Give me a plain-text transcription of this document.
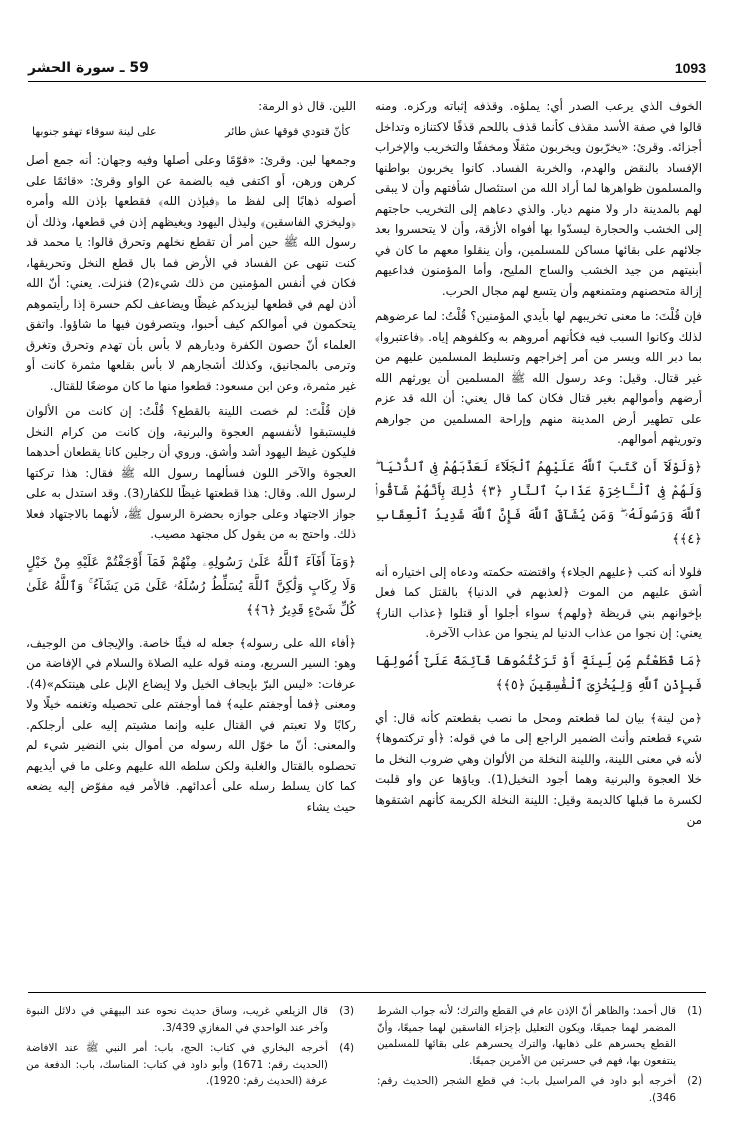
1093
59 ـ سورة الحشر

الخوف الذي يرعب الصدر أي: يملؤه. وقذفه إثباته وركزه. ومنه قالوا في صفة الأسد مقذف كأنما قذف باللحم قذفًا لاكتنازه وتداخل أجزائه. وقرئ: «يخرّبون ويخربون مثقلًا ومخففًا والتخريب والإخراب الإفساد بالنقض والهدم، والخربة الفساد. كانوا يخربون بواطنها والمسلمون ظواهرها لما أراد الله من استئصال شأفتهم وأن لا يبقى لهم بالمدينة دار ولا منهم ديار. والذي دعاهم إلى التخريب حاجتهم إلى الخشب والحجارة ليسدّوا بها أفواه الأزقة، وأن لا يتحسروا بعد جلائهم على بقائها مساكن للمسلمين، وأن ينقلوا معهم ما كان في أبنيتهم من جيد الخشب والساج المليح، وأما المؤمنون فداعيهم إزالة متحصنهم ومتمنعهم وأن يتسع لهم مجال الحرب.

فإن قُلْتَ: ما معنى تخريبهم لها بأيدي المؤمنين؟ قُلْتُ: لما عرضوهم لذلك وكانوا السبب فيه فكأنهم أمروهم به وكلفوهم إياه. ﴿فاعتبروا﴾ بما دبر الله ويسر من أمر إخراجهم وتسليط المسلمين عليهم من غير قتال. وقيل: وعد رسول الله ﷺ المسلمين أن يورثهم الله أرضهم وأموالهم بغير قتال فكان كما قال يعني: أن الله قد عزم على تطهير أرض المدينة منهم وإراحة المسلمين من جوارهم وتوريثهم أموالهم.

﴿وَلَوْلَآ أَن كَتَبَ ٱللَّهُ عَلَيْهِمُ ٱلْجَلَآءَ لَعَذَّبَهُمْ فِى ٱلدُّنْيَا ۖ وَلَهُمْ فِى ٱلْـَٔاخِرَةِ عَذَابُ ٱلنَّارِ ﴿٣﴾ ذَٰلِكَ بِأَنَّهُمْ شَآقُّوا۟ ٱللَّهَ وَرَسُولَهُۥ ۖ وَمَن يُشَآقِّ ٱللَّهَ فَإِنَّ ٱللَّهَ شَدِيدُ ٱلْعِقَابِ ﴿٤﴾﴾

فلولا أنه كتب ﴿عليهم الجلاء﴾ واقتضته حكمته ودعاه إلى اختياره أنه أشق عليهم من الموت ﴿لعذبهم في الدنيا﴾ بالقتل كما فعل بإخوانهم بني قريظة ﴿ولهم﴾ سواء أجلوا أو قتلوا ﴿عذاب النار﴾ يعني: إن نجوا من عذاب الدنيا لم ينجوا من عذاب الآخرة.

﴿مَا قَطَعْتُم مِّن لِّينَةٍ أَوْ تَرَكْتُمُوهَا قَآئِمَةً عَلَىٰٓ أُصُولِهَا فَبِإِذْنِ ٱللَّهِ وَلِيُخْزِىَ ٱلْفَٰسِقِينَ ﴿٥﴾﴾

﴿من لينة﴾ بيان لما قطعتم ومحل ما نصب بقطعتم كأنه قال: أي شيء قطعتم وأنث الضمير الراجع إلى ما في قوله: ﴿أو تركتموها﴾ لأنه في معنى اللينة، واللينة النخلة من الألوان وهي ضروب النخل ما خلا العجوة والبرنية وهما أجود النخيل(1). وياؤها عن واو قلبت لكسرة ما قبلها كالديمة وقيل: اللينة النخلة الكريمة كأنهم اشتقوها من

اللين. قال ذو الرمة:

كأنّ قتودي فوقها عش طائر
على لينة سوقاء تهفو جنوبها

وجمعها لين. وقرئ: «قوّمًا وعلى أصلها وفيه وجهان: أنه جمع أصل كرهن ورهن، أو اكتفى فيه بالضمة عن الواو وقرئ: «قائمًا على أصوله ذهابًا إلى لفظ ما ﴿فبإذن الله﴾ فقطعها بإذن الله وأمره ﴿وليخزي الفاسقين﴾ وليذل اليهود ويغيظهم إذن في قطعها، وذلك أن رسول الله ﷺ حين أمر أن تقطع نخلهم وتحرق قالوا: يا محمد قد كنت تنهى عن الفساد في الأرض فما بال قطع النخل وتحريقها، فكان في أنفس المؤمنين من ذلك شيء(2) فنزلت. يعني: أنّ الله أذن لهم في قطعها ليزيدكم غيظًا ويضاعف لكم حسرة إذا رأيتموهم يتحكمون في أموالكم كيف أحبوا، ويتصرفون فيها ما شاؤوا. واتفق العلماء أنّ حصون الكفرة وديارهم لا بأس بأن تهدم وتحرق وتغرق وترمى بالمجانيق، وكذلك أشجارهم لا بأس بقلعها مثمرة كانت أو غير مثمرة، وعن ابن مسعود: قطعوا منها ما كان موضعًا للقتال.

فإن قُلْتَ: لم خصت اللينة بالقطع؟ قُلْتُ: إن كانت من الألوان فليستبقوا لأنفسهم العجوة والبرنية، وإن كانت من كرام النخل فليكون غيظ اليهود أشد وأشق. وروي أن رجلين كانا يقطعان أحدهما العجوة والآخر اللون فسألهما رسول الله ﷺ فقال: هذا تركتها لرسول الله. وقال: هذا قطعتها غيظًا للكفار(3). وقد استدل به على جواز الاجتهاد وعلى جوازه بحضرة الرسول ﷺ، لأنهما بالاجتهاد فعلا ذلك. واحتج به من يقول كل مجتهد مصيب.

﴿وَمَآ أَفَآءَ ٱللَّهُ عَلَىٰ رَسُولِهِۦ مِنْهُمْ فَمَآ أَوْجَفْتُمْ عَلَيْهِ مِنْ خَيْلٍ وَلَا رِكَابٍ وَلَٰكِنَّ ٱللَّهَ يُسَلِّطُ رُسُلَهُۥ عَلَىٰ مَن يَشَآءُ ۚ وَٱللَّهُ عَلَىٰ كُلِّ شَىْءٍ قَدِيرٌ ﴿٦﴾﴾

﴿أفاء الله على رسوله﴾ جعله له فيئًا خاصة. والإيجاف من الوجيف، وهو: السير السريع، ومنه قوله عليه الصلاة والسلام في الإفاضة من عرفات: «ليس البرّ بإيجاف الخيل ولا إيضاع الإبل على هينتكم»(4). ومعنى ﴿فما أوجفتم عليه﴾ فما أوجفتم على تحصيله وتغنمه خيلًا ولا ركابًا ولا تعبتم في القتال عليه وإنما مشيتم إليه على أرجلكم. والمعنى: أنّ ما خوّل الله رسوله من أموال بني النضير شيء لم تحصلوه بالقتال والغلبة ولكن سلطه الله عليهم وعلى ما في أيديهم كما كان يسلط رسله على أعدائهم. فالأمر فيه مفوّض إليه يضعه حيث يشاء

(1)
قال أحمد: والظاهر أنّ الإذن عام في القطع والترك؛ لأنه جواب الشرط المضمر لهما جميعًا، ويكون التعليل بإجزاء الفاسقين لهما جميعًا، وأنّ القطع يحسرهم على ذهابها، والترك يحسرهم على بقائها للمسلمين ينتفعون بها، فهم في حسرتين من الأمرين جميعًا.
(2)
أخرجه أبو داود في المراسيل باب: في قطع الشجر (الحديث رقم: 346).
(3)
قال الزيلعي غريب، وساق حديث نحوه عند البيهقي في دلائل النبوة وآخر عند الواحدي في المغازي 3/439.
(4)
أخرجه البخاري في كتاب: الحج، باب: أمر النبي ﷺ عند الافاضة (الحديث رقم: 1671) وأبو داود في كتاب: المناسك، باب: الدفعة من عرفة (الحديث رقم: 1920).
